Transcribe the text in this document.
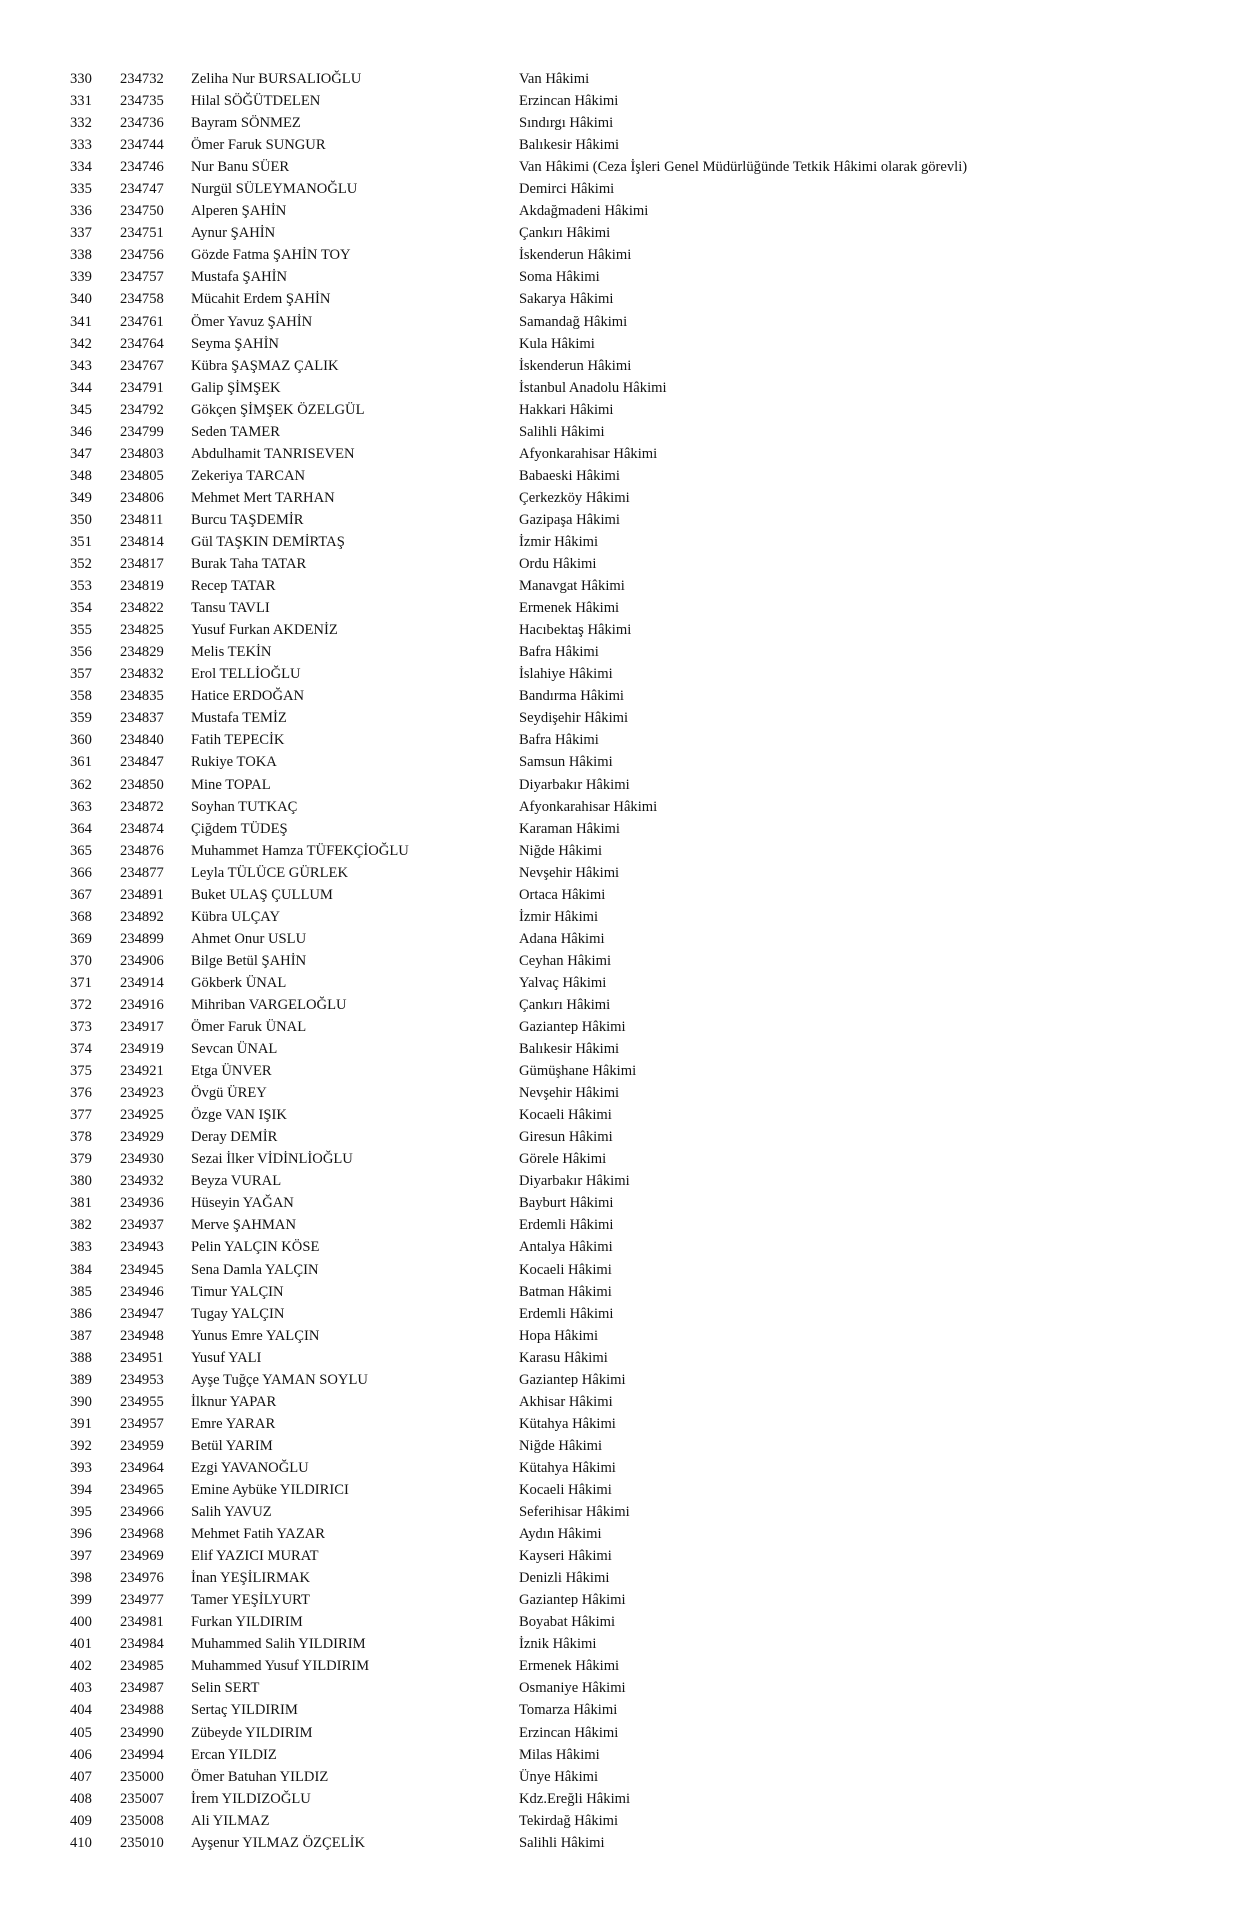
330	234732	Zeliha Nur BURSALIOĞLU	Van Hâkimi
331	234735	Hilal SÖĞÜTDELEN	Erzincan Hâkimi
332	234736	Bayram SÖNMEZ	Sındırgı Hâkimi
333	234744	Ömer Faruk SUNGUR	Balıkesir Hâkimi
334	234746	Nur Banu SÜER	Van Hâkimi (Ceza İşleri Genel Müdürlüğünde Tetkik Hâkimi olarak görevli)
335	234747	Nurgül SÜLEYMANOĞLU	Demirci Hâkimi
336	234750	Alperen ŞAHİN	Akdağmadeni Hâkimi
337	234751	Aynur ŞAHİN	Çankırı Hâkimi
338	234756	Gözde Fatma ŞAHİN TOY	İskenderun Hâkimi
339	234757	Mustafa ŞAHİN	Soma Hâkimi
340	234758	Mücahit Erdem ŞAHİN	Sakarya Hâkimi
341	234761	Ömer Yavuz ŞAHİN	Samandağ Hâkimi
342	234764	Seyma ŞAHİN	Kula Hâkimi
343	234767	Kübra ŞAŞMAZ ÇALIK	İskenderun Hâkimi
344	234791	Galip ŞİMŞEK	İstanbul Anadolu Hâkimi
345	234792	Gökçen ŞİMŞEK ÖZELGÜL	Hakkari Hâkimi
346	234799	Seden TAMER	Salihli Hâkimi
347	234803	Abdulhamit TANRISEVEN	Afyonkarahisar Hâkimi
348	234805	Zekeriya TARCAN	Babaeski Hâkimi
349	234806	Mehmet Mert TARHAN	Çerkezköy Hâkimi
350	234811	Burcu TAŞDEMİR	Gazipaşa Hâkimi
351	234814	Gül TAŞKIN DEMİRTAŞ	İzmir Hâkimi
352	234817	Burak Taha TATAR	Ordu Hâkimi
353	234819	Recep TATAR	Manavgat Hâkimi
354	234822	Tansu TAVLI	Ermenek Hâkimi
355	234825	Yusuf Furkan AKDENİZ	Hacıbektaş Hâkimi
356	234829	Melis TEKİN	Bafra Hâkimi
357	234832	Erol TELLİOĞLU	İslahiye Hâkimi
358	234835	Hatice ERDOĞAN	Bandırma Hâkimi
359	234837	Mustafa TEMİZ	Seydişehir Hâkimi
360	234840	Fatih TEPECİK	Bafra Hâkimi
361	234847	Rukiye TOKA	Samsun Hâkimi
362	234850	Mine TOPAL	Diyarbakır Hâkimi
363	234872	Soyhan TUTKAÇ	Afyonkarahisar Hâkimi
364	234874	Çiğdem TÜDEŞ	Karaman Hâkimi
365	234876	Muhammet Hamza TÜFEKÇİOĞLU	Niğde Hâkimi
366	234877	Leyla TÜLÜCE GÜRLEK	Nevşehir Hâkimi
367	234891	Buket ULAŞ ÇULLUM	Ortaca Hâkimi
368	234892	Kübra ULÇAY	İzmir Hâkimi
369	234899	Ahmet Onur USLU	Adana Hâkimi
370	234906	Bilge Betül ŞAHİN	Ceyhan Hâkimi
371	234914	Gökberk ÜNAL	Yalvaç Hâkimi
372	234916	Mihriban VARGELOĞLU	Çankırı Hâkimi
373	234917	Ömer Faruk ÜNAL	Gaziantep Hâkimi
374	234919	Sevcan ÜNAL	Balıkesir Hâkimi
375	234921	Etga ÜNVER	Gümüşhane Hâkimi
376	234923	Övgü ÜREY	Nevşehir Hâkimi
377	234925	Özge VAN IŞIK	Kocaeli Hâkimi
378	234929	Deray DEMİR	Giresun Hâkimi
379	234930	Sezai İlker VİDİNLİOĞLU	Görele Hâkimi
380	234932	Beyza VURAL	Diyarbakır Hâkimi
381	234936	Hüseyin YAĞAN	Bayburt Hâkimi
382	234937	Merve ŞAHMAN	Erdemli Hâkimi
383	234943	Pelin YALÇIN KÖSE	Antalya Hâkimi
384	234945	Sena Damla YALÇIN	Kocaeli Hâkimi
385	234946	Timur YALÇIN	Batman Hâkimi
386	234947	Tugay YALÇIN	Erdemli Hâkimi
387	234948	Yunus Emre YALÇIN	Hopa Hâkimi
388	234951	Yusuf YALI	Karasu Hâkimi
389	234953	Ayşe Tuğçe YAMAN SOYLU	Gaziantep Hâkimi
390	234955	İlknur YAPAR	Akhisar Hâkimi
391	234957	Emre YARAR	Kütahya Hâkimi
392	234959	Betül YARIM	Niğde Hâkimi
393	234964	Ezgi YAVANOĞLU	Kütahya Hâkimi
394	234965	Emine Aybüke YILDIRICI	Kocaeli Hâkimi
395	234966	Salih YAVUZ	Seferihisar Hâkimi
396	234968	Mehmet Fatih YAZAR	Aydın Hâkimi
397	234969	Elif YAZICI MURAT	Kayseri Hâkimi
398	234976	İnan YEŞİLIRMAK	Denizli Hâkimi
399	234977	Tamer YEŞİLYURT	Gaziantep Hâkimi
400	234981	Furkan YILDIRIM	Boyabat Hâkimi
401	234984	Muhammed Salih YILDIRIM	İznik Hâkimi
402	234985	Muhammed Yusuf YILDIRIM	Ermenek Hâkimi
403	234987	Selin SERT	Osmaniye Hâkimi
404	234988	Sertaç YILDIRIM	Tomarza Hâkimi
405	234990	Zübeyde YILDIRIM	Erzincan Hâkimi
406	234994	Ercan YILDIZ	Milas Hâkimi
407	235000	Ömer Batuhan YILDIZ	Ünye Hâkimi
408	235007	İrem YILDIZOĞLU	Kdz.Ereğli Hâkimi
409	235008	Ali YILMAZ	Tekirdağ Hâkimi
410	235010	Ayşenur YILMAZ ÖZÇELİK	Salihli Hâkimi
